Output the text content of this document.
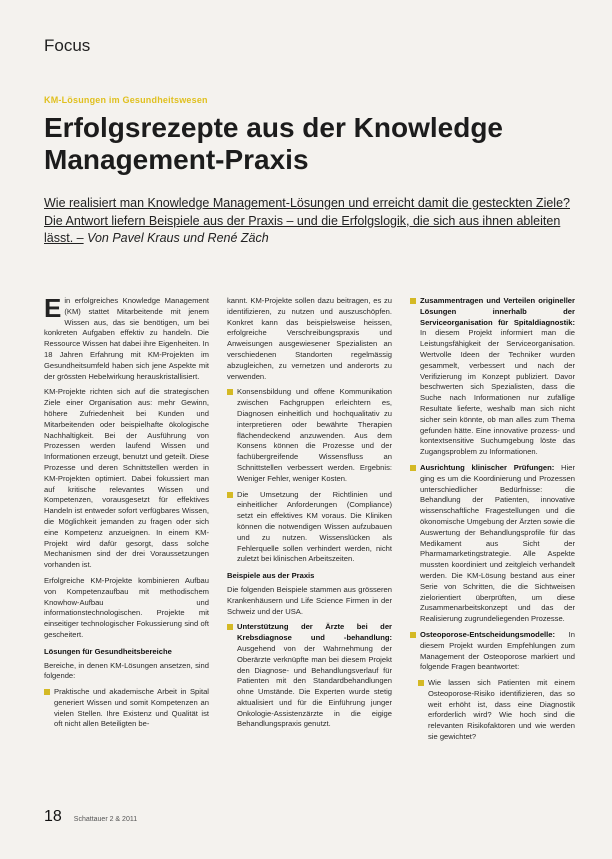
Focus
KM-Lösungen im Gesundheitswesen
Erfolgsrezepte aus der Knowledge Management-Praxis
Wie realisiert man Knowledge Management-Lösungen und erreicht damit die gesteckten Ziele? Die Antwort liefern Beispiele aus der Praxis – und die Erfolgslogik, die sich aus ihnen ableiten lässt. – Von Pavel Kraus und René Zäch

Ein erfolgreiches Knowledge Management (KM) stattet Mitarbeitende mit jenem Wissen aus, das sie benötigen, um bei konkreten Aufgaben effektiv zu handeln. Die Ressource Wissen hat dabei ihre Eigenheiten. In 18 Jahren Erfahrung mit KM-Projekten im Gesundheitsumfeld haben sich jene Aspekte mit der grössten Hebelwirkung herauskristallisiert.

KM-Projekte richten sich auf die strategischen Ziele einer Organisation aus: mehr Gewinn, höhere Zufriedenheit bei Kunden und Mitarbeitenden oder beispielhafte ökologische Nachhaltigkeit. Bei der Ausführung von Prozessen werden laufend Wissen und Informationen erzeugt, benutzt und geteilt. Diese Prozesse und deren Schnittstellen werden in KM-Projekten optimiert. Dabei fokussiert man auf kritische relevantes Wissen und Kompetenzen, vorausgesetzt für effektives Handeln ist entweder sofort verfügbares Wissen, die Möglichkeit jemanden zu fragen oder sich eine Kompetenz anzueignen. In einem KM-Projekt wird dafür gesorgt, dass solche Mechanismen sind der drei Voraussetzungen vorhanden ist.

Erfolgreiche KM-Projekte kombinieren Aufbau von Kompetenzaufbau mit methodischem Knowhow-Aufbau und informationstechnologischen. Projekte mit einseitiger technologischer Fokussierung sind oft gescheitert.

Lösungen für Gesundheitsbereiche

Bereiche, in denen KM-Lösungen ansetzen, sind folgende:

Praktische und akademische Arbeit in Spital generiert Wissen und somit Kompetenzen an vielen Stellen. Ihre Existenz und Qualität ist oft nicht allen Beteiligten be-

kannt. KM-Projekte sollen dazu beitragen, es zu identifizieren, zu nutzen und auszuschöpfen. Konkret kann das beispielsweise heissen, erfolgreiche Verschreibungspraxis und Anweisungen ausgewiesener Spezialisten an verschiedenen Standorten regelmässig abzugleichen, zu vernetzen und anderorts zu verwenden.

Konsensbildung und offene Kommunikation zwischen Fachgruppen erleichtern es, Diagnosen einheitlich und hochqualitativ zu interpretieren oder bewährte Therapien flächendeckend anzuwenden. Aus dem Konsens können die Prozesse und der fachübergreifende Wissensfluss an Schnittstellen verbessert werden. Ergebnis: Weniger Fehler, weniger Kosten.
Die Umsetzung der Richtlinien und einheitlicher Anforderungen (Compliance) setzt ein effektives KM voraus. Die Kliniken können die notwendigen Wissen aufzubauen und zu nutzen. Wissenslücken als Fehlerquelle sollen verhindert werden, nicht zuletzt bei klinischen Arbeitszeiten.
Beispiele aus der Praxis

Die folgenden Beispiele stammen aus grösseren Krankenhäusern und Life Science Firmen in der Schweiz und der USA.

Unterstützung der Ärzte bei der Krebsdiagnose und -behandlung: Ausgehend von der Wahrnehmung der Oberärzte verknüpfte man bei diesem Projekt den Diagnose- und Behandlungsverlauf für Patienten mit den Standardbehandlungen ohne Umstände. Die Experten wurde stetig aktualisiert und für die Einführung junger Onkologie-Assistenzärzte in die eigige Behandlungspraxis genutzt.
Zusammentragen und Verteilen origineller Lösungen innerhalb der Serviceorganisation für Spitaldiagnostik: In diesem Projekt informiert man die Leistungsfähigkeit der Serviceorganisation. Wertvolle Ideen der Techniker wurden gesammelt, verbessert und nach der Verifizierung im Konzept publiziert. Davor beschwerten sich Spezialisten, dass die Suche nach Informationen nur zufällige Resultate lieferte, weshalb man sich nicht sicher sein könnte, ob man alles zum Thema gefunden hätte. Eine innovative prozess- und kontextsensitive Suchumgebung löste das Zugangsproblem zu Informationen.
Ausrichtung klinischer Prüfungen: Hier ging es um die Koordinierung und Prozessen unterschiedlicher Bedürfnisse: die Behandlung der Patienten, innovative wissenschaftliche Fragestellungen und die ökonomische Umgebung der Ärzten sowie die Auswertung der Behandlungsprofile für das Medikament aus Sicht der Pharmamarketingstrategie. Alle Aspekte mussten koordiniert und zeitgleich verhandelt werden. Die KM-Lösung bestand aus einer Serie von Schritten, die die Sichtweisen zielorientiert überprüften, um diese Zusammenarbeitskonzept und das der Realisierung zugrundeliegenden Prozesse.
Osteoporose-Entscheidungsmodelle: In diesem Projekt wurden Empfehlungen zum Management der Osteoporose markiert und folgende Fragen beantwortet:
Wie lassen sich Patienten mit einem Osteoporose-Risiko identifizieren, das so weit erhöht ist, dass eine Diagnostik erforderlich wird? Wie hoch sind die relevanten Risikofaktoren und wie werden sie gewichtet?
18 Schattauer 2 & 2011
